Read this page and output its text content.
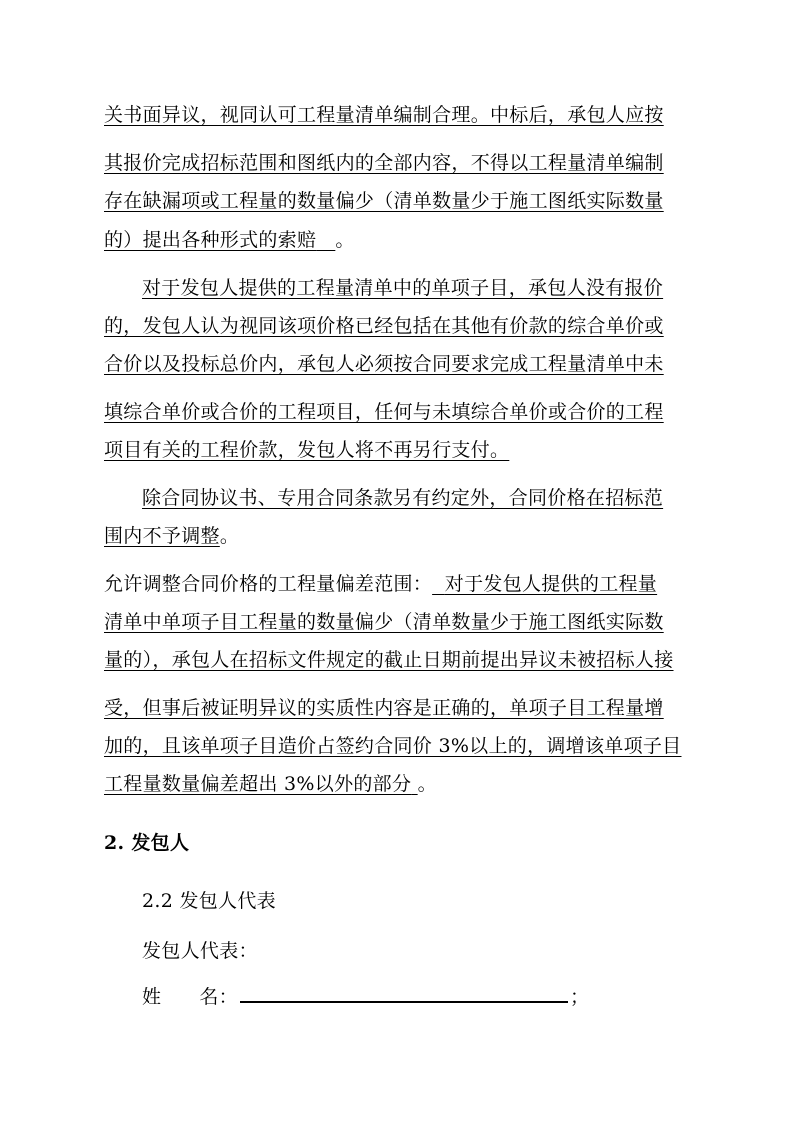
关书面异议，视同认可工程量清单编制合理。中标后，承包人应按
其报价完成招标范围和图纸内的全部内容，不得以工程量清单编制
存在缺漏项或工程量的数量偏少（清单数量少于施工图纸实际数量
的）提出各种形式的索赔 。
对于发包人提供的工程量清单中的单项子目，承包人没有报价
的，发包人认为视同该项价格已经包括在其他有价款的综合单价或
合价以及投标总价内，承包人必须按合同要求完成工程量清单中未
填综合单价或合价的工程项目，任何与未填综合单价或合价的工程
项目有关的工程价款，发包人将不再另行支付。
除合同协议书、专用合同条款另有约定外，合同价格在招标范
围内不予调整。
允许调整合同价格的工程量偏差范围： 对于发包人提供的工程量
清单中单项子目工程量的数量偏少（清单数量少于施工图纸实际数
量的），承包人在招标文件规定的截止日期前提出异议未被招标人接
受，但事后被证明异议的实质性内容是正确的，单项子目工程量增
加的，且该单项子目造价占签约合同价 3%以上的，调增该单项子目
工程量数量偏差超出 3%以外的部分 。
2. 发包人
2.2 发包人代表
发包人代表：
姓      名：	；
